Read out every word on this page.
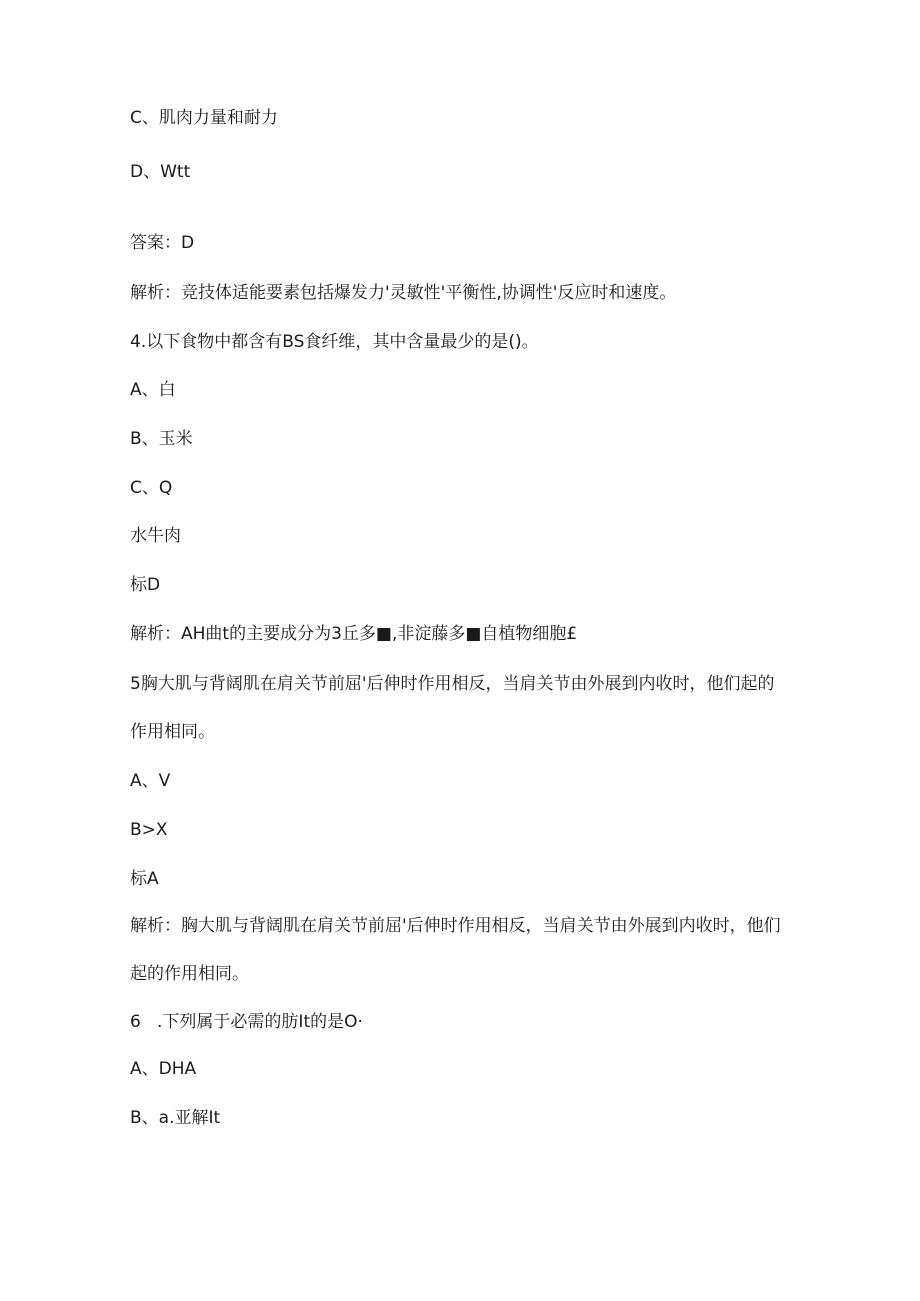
C、肌肉力量和耐力
D、Wtt
答案：D
解析：竞技体适能要素包括爆发力'灵敏性'平衡性,协调性'反应时和速度。
4.以下食物中都含有BS食纤维，其中含量最少的是()。
A、白
B、玉米
C、Q
水牛肉
标D
解析：AH曲t的主要成分为3丘多■,非淀藤多■自植物细胞£
5胸大肌与背阔肌在肩关节前屈'后伸时作用相反，当肩关节由外展到内收时，他们起的
作用相同。
A、V
B>X
标A
解析：胸大肌与背阔肌在肩关节前屈'后伸时作用相反，当肩关节由外展到内收时，他们
起的作用相同。
6   .下列属于必需的肪It的是O·
A、DHA
B、a.亚解It
